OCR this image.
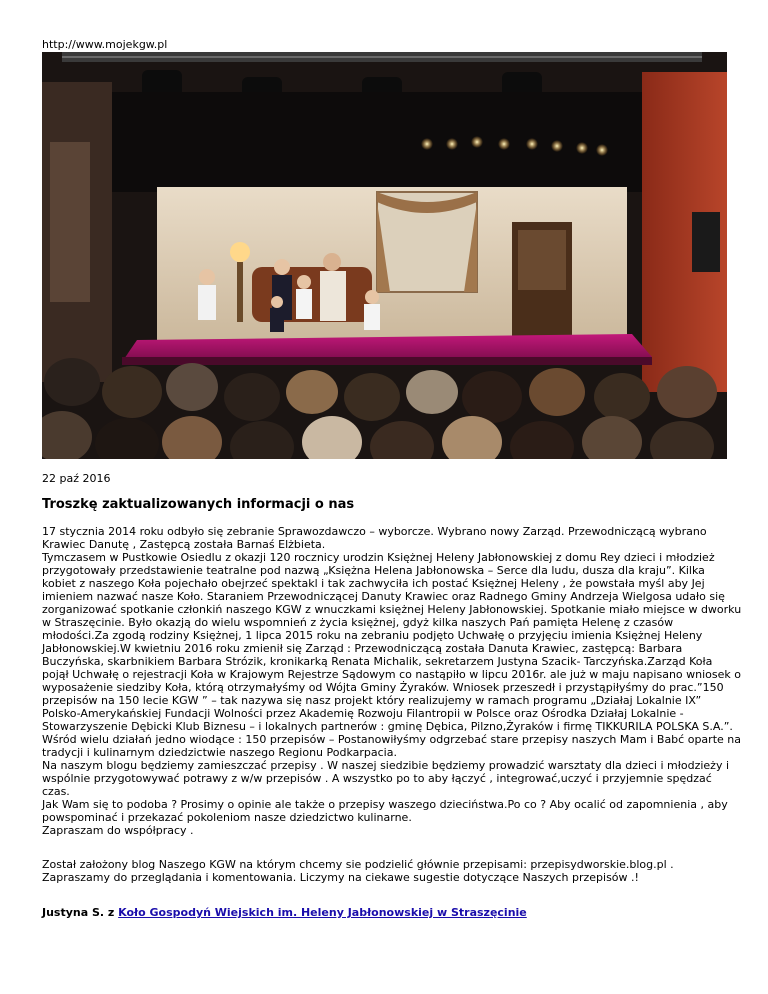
http://www.mojekgw.pl
22 paź 2016
Troszkę zaktualizowanych informacji o nas

17 stycznia 2014 roku odbyło się zebranie Sprawozdawczo – wyborcze. Wybrano nowy Zarząd. Przewodniczącą wybrano Krawiec Danutę , Zastępcą została Barnaś Elżbieta.

Tymczasem w Pustkowie Osiedlu z okazji 120 rocznicy urodzin Księżnej Heleny Jabłonowskiej z domu Rey dzieci i młodzież przygotowały przedstawienie teatralne pod nazwą „Księżna Helena Jabłonowska – Serce dla ludu, dusza dla kraju”. Kilka kobiet z naszego Koła pojechało obejrzeć spektakl i tak zachwyciła ich postać Księżnej Heleny , że powstała myśl aby Jej imieniem nazwać nasze Koło. Staraniem Przewodniczącej Danuty Krawiec oraz Radnego Gminy Andrzeja Wielgosa udało się zorganizować spotkanie członkiń naszego KGW z wnuczkami księżnej Heleny Jabłonowskiej. Spotkanie miało miejsce w dworku w Straszęcinie. Było okazją do wielu wspomnień z życia księżnej, gdyż kilka naszych Pań pamięta Helenę z czasów młodości.Za zgodą rodziny Księżnej, 1 lipca 2015 roku na zebraniu podjęto Uchwałę o przyjęciu imienia Księżnej Heleny Jabłonowskiej.W kwietniu 2016 roku zmienił się Zarząd : Przewodniczącą została Danuta Krawiec, zastępcą: Barbara Buczyńska, skarbnikiem Barbara Strózik, kronikarką Renata Michalik, sekretarzem Justyna Szacik- Tarczyńska.Zarząd Koła pojął Uchwałę o rejestracji Koła w Krajowym Rejestrze Sądowym co nastąpiło w lipcu 2016r. ale już w maju napisano wniosek o wyposażenie siedziby Koła, którą otrzymałyśmy od Wójta Gminy Żyraków. Wniosek przeszedł i przystąpiłyśmy do prac.”150 przepisów na 150 lecie KGW ” – tak nazywa się nasz projekt który realizujemy w ramach programu „Działaj Lokalnie IX” Polsko-Amerykańskiej Fundacji Wolności przez Akademię Rozwoju Filantropii w Polsce oraz Ośrodka Działaj Lokalnie -Stowarzyszenie Dębicki Klub Biznesu – i lokalnych partnerów : gminę Dębica, Pilzno,Żyraków i firmę TIKKURILA POLSKA S.A.”. Wśród wielu działań jedno wiodące : 150 przepisów – Postanowiłyśmy odgrzebać stare przepisy naszych Mam i Babć oparte na tradycji i kulinarnym dziedzictwie naszego Regionu Podkarpacia.

Na naszym blogu będziemy zamieszczać przepisy . W naszej siedzibie będziemy prowadzić warsztaty dla dzieci i młodzieży i wspólnie przygotowywać potrawy z w/w przepisów . A wszystko po to aby łączyć , integrować,uczyć i przyjemnie spędzać czas.

Jak Wam się to podoba ? Prosimy o opinie ale także o przepisy waszego dzieciństwa.Po co ? Aby ocalić od zapomnienia , aby powspominać i przekazać pokoleniom nasze dziedzictwo kulinarne.

Zapraszam do współpracy .

Został założony blog Naszego KGW na którym chcemy sie podzielić głównie przepisami: przepisydworskie.blog.pl . Zapraszamy do przeglądania i komentowania. Liczymy na ciekawe sugestie dotyczące Naszych przepisów .!

Justyna S. z Koło Gospodyń Wiejskich im. Heleny Jabłonowskiej w Straszęcinie
